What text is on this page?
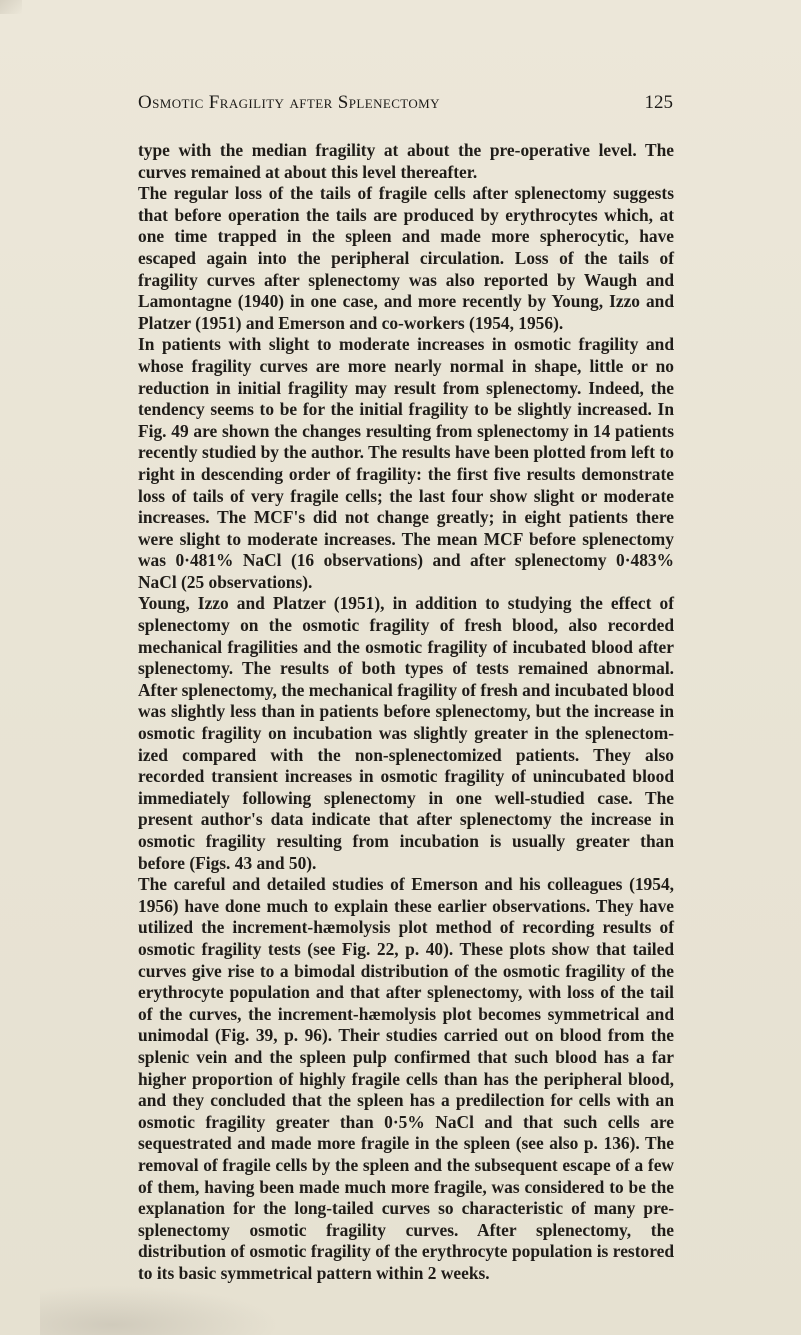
Osmotic Fragility after Splenectomy	125

type with the median fragility at about the pre-operative level. The curves remained at about this level thereafter.

The regular loss of the tails of fragile cells after splenectomy suggests that before operation the tails are produced by erythrocytes which, at one time trapped in the spleen and made more spherocytic, have escaped again into the peripheral circulation. Loss of the tails of fragility curves after splenectomy was also reported by Waugh and Lamontagne (1940) in one case, and more recently by Young, Izzo and Platzer (1951) and Emerson and co-workers (1954, 1956).

In patients with slight to moderate increases in osmotic fragility and whose fragility curves are more nearly normal in shape, little or no reduction in initial fragility may result from splenectomy. Indeed, the tendency seems to be for the initial fragility to be slightly increased. In Fig. 49 are shown the changes resulting from splenectomy in 14 patients recently studied by the author. The results have been plotted from left to right in descending order of fragility: the first five results demonstrate loss of tails of very fragile cells; the last four show slight or moderate increases. The MCF's did not change greatly; in eight patients there were slight to moderate increases. The mean MCF before splenectomy was 0·481% NaCl (16 observations) and after splenectomy 0·483% NaCl (25 observations).

Young, Izzo and Platzer (1951), in addition to studying the effect of splenectomy on the osmotic fragility of fresh blood, also recorded mechanical fragilities and the osmotic fragility of incubated blood after splenectomy. The results of both types of tests remained abnormal. After splenectomy, the mechanical fragility of fresh and incubated blood was slightly less than in patients before splenectomy, but the increase in osmotic fragility on incubation was slightly greater in the splenectom-ized compared with the non-splenectomized patients. They also recorded transient increases in osmotic fragility of unincubated blood immediately following splenectomy in one well-studied case. The present author's data indicate that after splenectomy the increase in osmotic fragility resulting from incubation is usually greater than before (Figs. 43 and 50).

The careful and detailed studies of Emerson and his colleagues (1954, 1956) have done much to explain these earlier observations. They have utilized the increment-hæmolysis plot method of recording results of osmotic fragility tests (see Fig. 22, p. 40). These plots show that tailed curves give rise to a bimodal distribution of the osmotic fragility of the erythrocyte population and that after splenectomy, with loss of the tail of the curves, the increment-hæmolysis plot becomes symmetrical and unimodal (Fig. 39, p. 96). Their studies carried out on blood from the splenic vein and the spleen pulp confirmed that such blood has a far higher proportion of highly fragile cells than has the peripheral blood, and they concluded that the spleen has a predilection for cells with an osmotic fragility greater than 0·5% NaCl and that such cells are sequestrated and made more fragile in the spleen (see also p. 136). The removal of fragile cells by the spleen and the subsequent escape of a few of them, having been made much more fragile, was considered to be the explanation for the long-tailed curves so characteristic of many pre-splenectomy osmotic fragility curves. After splenectomy, the distribution of osmotic fragility of the erythrocyte population is restored to its basic symmetrical pattern within 2 weeks.
